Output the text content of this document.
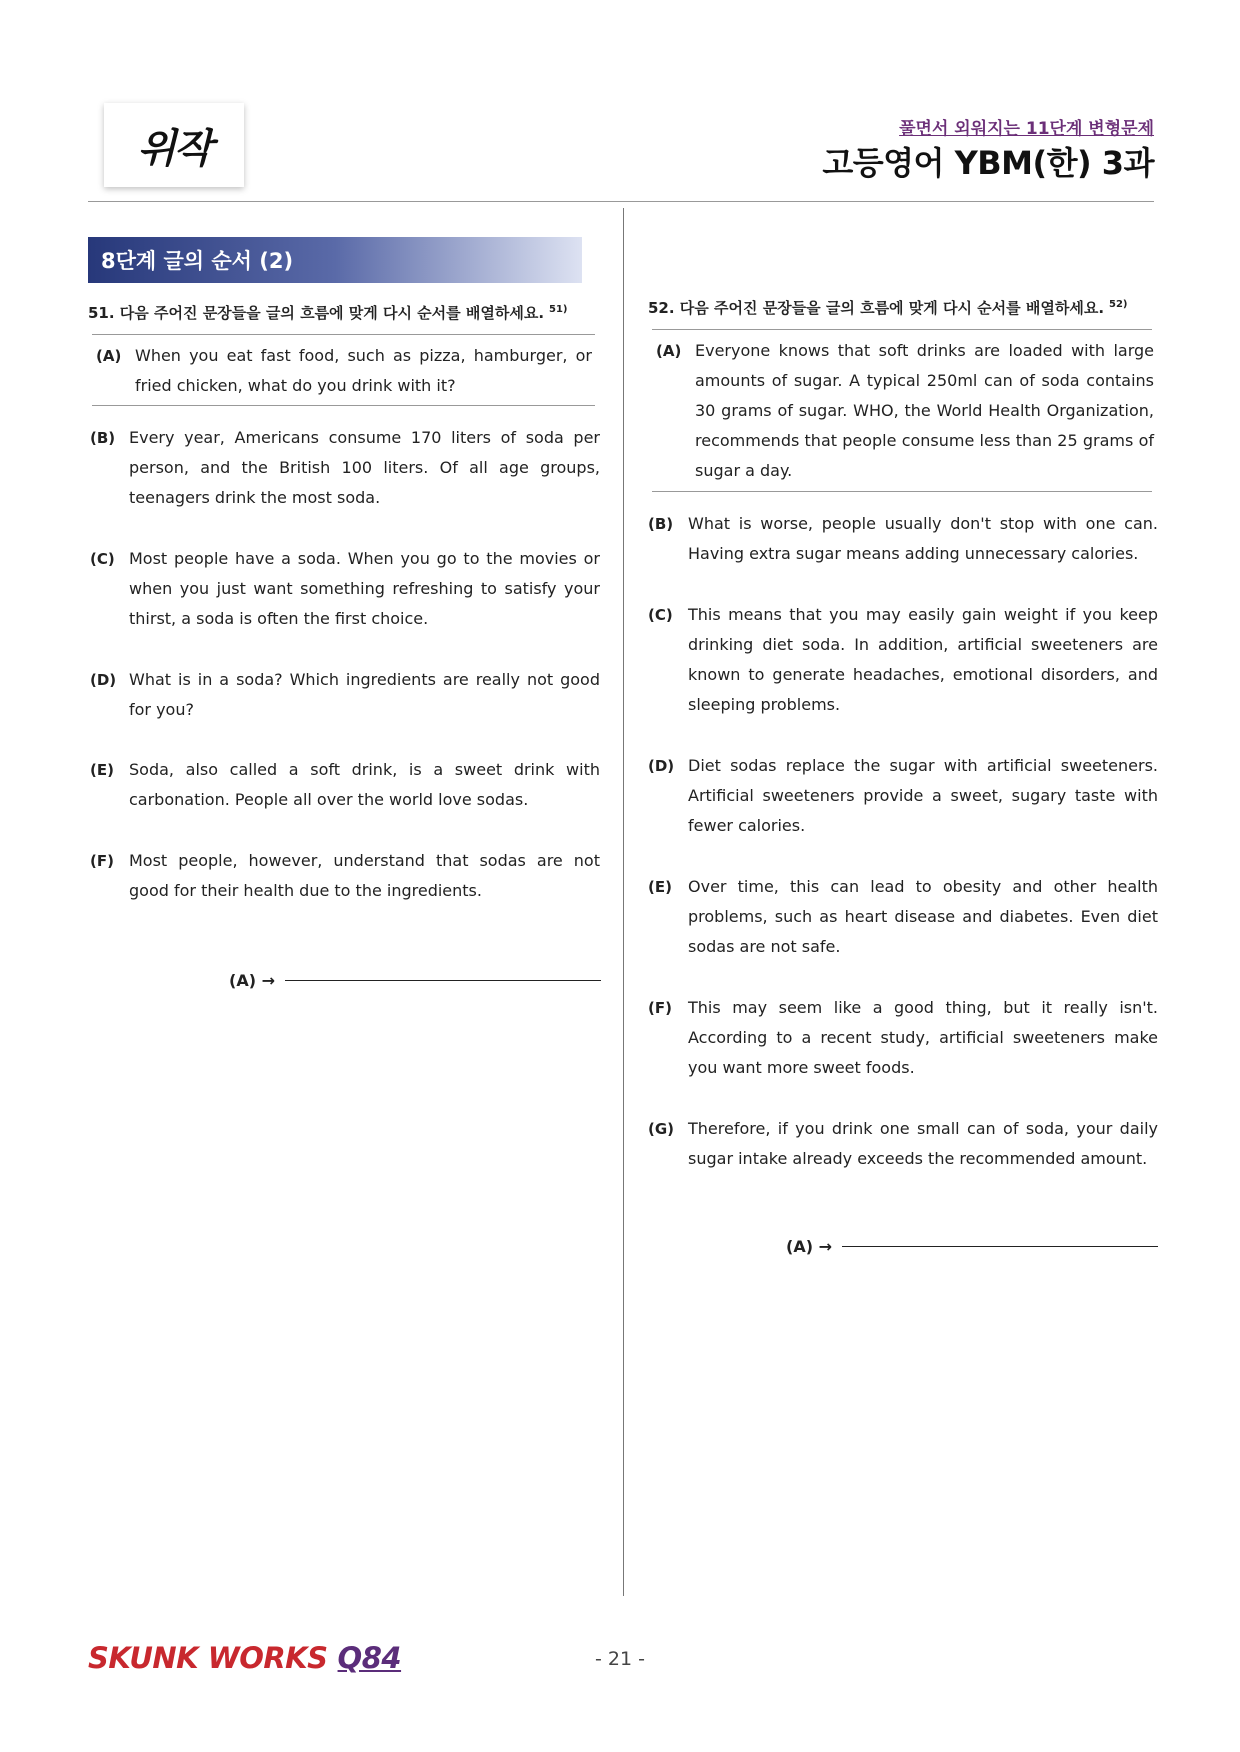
위작	풀면서 외워지는 11단계 변형문제
고등영어 YBM(한) 3과
8단계 글의 순서 (2)
51. 다음 주어진 문장들을 글의 흐름에 맞게 다시 순서를 배열하세요. $^{51)}$
(A) When you eat fast food, such as pizza, hamburger, or fried chicken, what do you drink with it?
(B) Every year, Americans consume 170 liters of soda per person, and the British 100 liters. Of all age groups, teenagers drink the most soda.
(C) Most people have a soda. When you go to the movies or when you just want something refreshing to satisfy your thirst, a soda is often the first choice.
(D) What is in a soda? Which ingredients are really not good for you?
(E) Soda, also called a soft drink, is a sweet drink with carbonation. People all over the world love sodas.
(F) Most people, however, understand that sodas are not good for their health due to the ingredients.
(A) →
52. 다음 주어진 문장들을 글의 흐름에 맞게 다시 순서를 배열하세요. $^{52)}$
(A) Everyone knows that soft drinks are loaded with large amounts of sugar. A typical 250ml can of soda contains 30 grams of sugar. WHO, the World Health Organization, recommends that people consume less than 25 grams of sugar a day.
(B) What is worse, people usually don't stop with one can. Having extra sugar means adding unnecessary calories.
(C) This means that you may easily gain weight if you keep drinking diet soda. In addition, artificial sweeteners are known to generate headaches, emotional disorders, and sleeping problems.
(D) Diet sodas replace the sugar with artificial sweeteners. Artificial sweeteners provide a sweet, sugary taste with fewer calories.
(E) Over time, this can lead to obesity and other health problems, such as heart disease and diabetes. Even diet sodas are not safe.
(F) This may seem like a good thing, but it really isn't. According to a recent study, artificial sweeteners make you want more sweet foods.
(G) Therefore, if you drink one small can of soda, your daily sugar intake already exceeds the recommended amount.
(A) →
SKUNK WORKS Q84	- 21 -
